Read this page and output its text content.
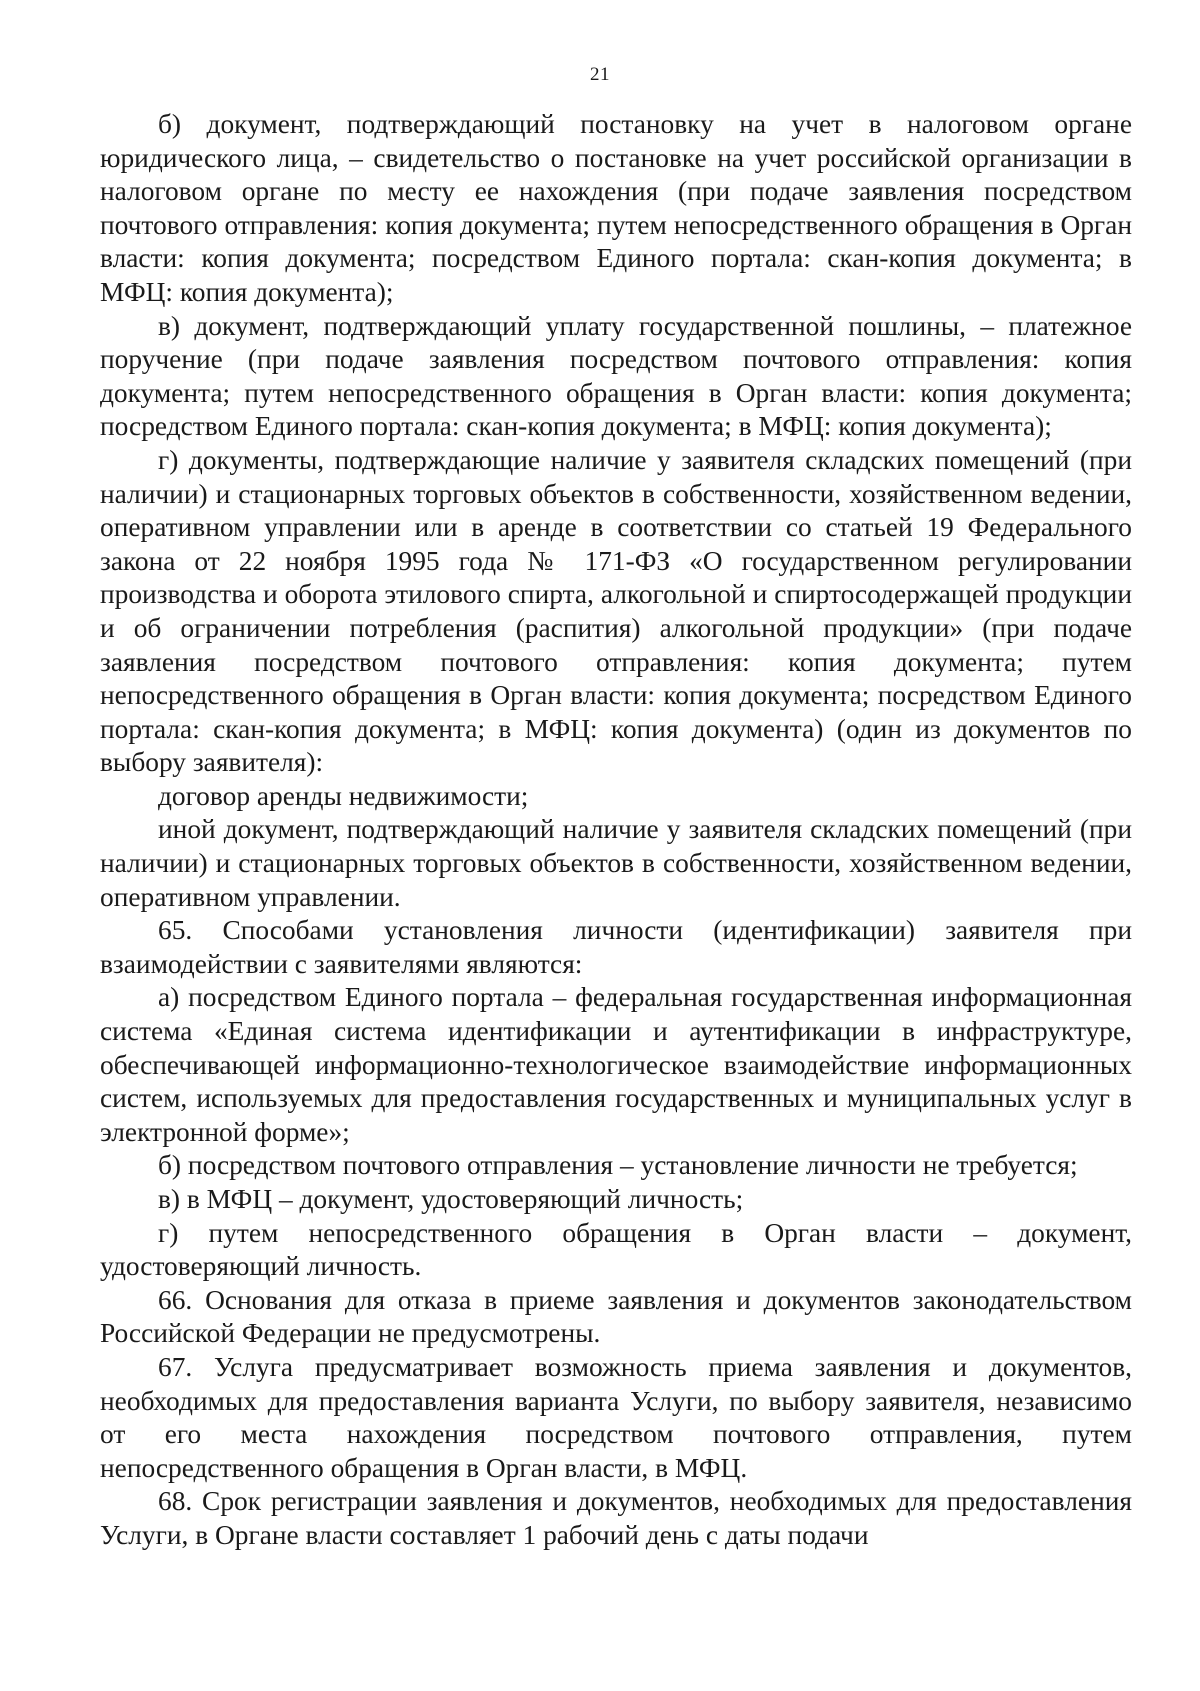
21

б) документ, подтверждающий постановку на учет в налоговом органе юридического лица, – свидетельство о постановке на учет российской организации в налоговом органе по месту ее нахождения (при подаче заявления посредством почтового отправления: копия документа; путем непосредственного обращения в Орган власти: копия документа; посредством Единого портала: скан-копия документа; в МФЦ: копия документа);

в) документ, подтверждающий уплату государственной пошлины, – платежное поручение (при подаче заявления посредством почтового отправления: копия документа; путем непосредственного обращения в Орган власти: копия документа; посредством Единого портала: скан-копия документа; в МФЦ: копия документа);

г) документы, подтверждающие наличие у заявителя складских помещений (при наличии) и стационарных торговых объектов в собственности, хозяйственном ведении, оперативном управлении или в аренде в соответствии со статьей 19 Федерального закона от 22 ноября 1995 года № 171-ФЗ «О государственном регулировании производства и оборота этилового спирта, алкогольной и спиртосодержащей продукции и об ограничении потребления (распития) алкогольной продукции» (при подаче заявления посредством почтового отправления: копия документа; путем непосредственного обращения в Орган власти: копия документа; посредством Единого портала: скан-копия документа; в МФЦ: копия документа) (один из документов по выбору заявителя):

договор аренды недвижимости;

иной документ, подтверждающий наличие у заявителя складских помещений (при наличии) и стационарных торговых объектов в собственности, хозяйственном ведении, оперативном управлении.

65. Способами установления личности (идентификации) заявителя при взаимодействии с заявителями являются:

а) посредством Единого портала – федеральная государственная информационная система «Единая система идентификации и аутентификации в инфраструктуре, обеспечивающей информационно-технологическое взаимодействие информационных систем, используемых для предоставления государственных и муниципальных услуг в электронной форме»;

б) посредством почтового отправления – установление личности не требуется;

в) в МФЦ – документ, удостоверяющий личность;

г) путем непосредственного обращения в Орган власти – документ, удостоверяющий личность.

66. Основания для отказа в приеме заявления и документов законодательством Российской Федерации не предусмотрены.

67. Услуга предусматривает возможность приема заявления и документов, необходимых для предоставления варианта Услуги, по выбору заявителя, независимо от его места нахождения посредством почтового отправления, путем непосредственного обращения в Орган власти, в МФЦ.

68. Срок регистрации заявления и документов, необходимых для предоставления Услуги, в Органе власти составляет 1 рабочий день с даты подачи
